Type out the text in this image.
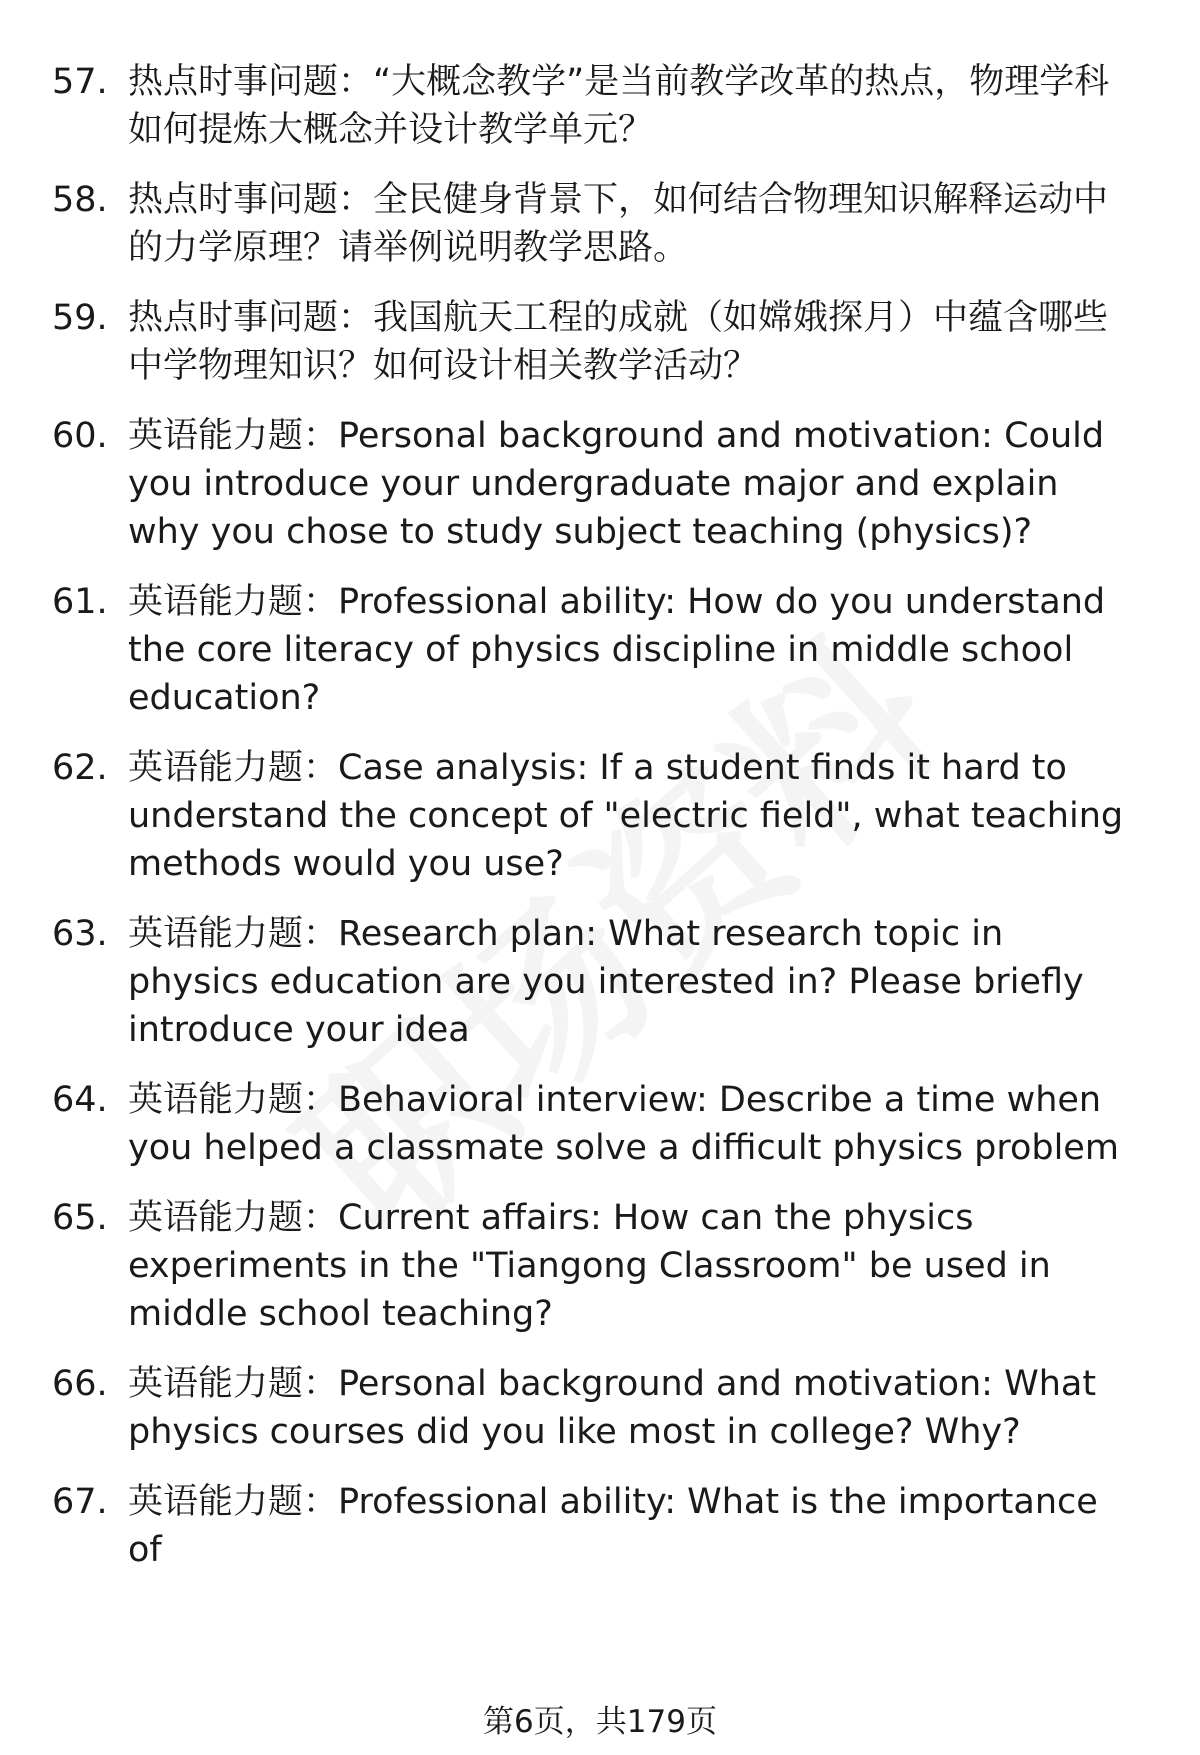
57. 热点时事问题：“大概念教学”是当前教学改革的热点，物理学科如何提炼大概念并设计教学单元？
58. 热点时事问题：全民健身背景下，如何结合物理知识解释运动中的力学原理？请举例说明教学思路。
59. 热点时事问题：我国航天工程的成就（如嫦娥探月）中蕴含哪些中学物理知识？如何设计相关教学活动？
60. 英语能力题：Personal background and motivation: Could you introduce your undergraduate major and explain why you chose to study subject teaching (physics)?
61. 英语能力题：Professional ability: How do you understand the core literacy of physics discipline in middle school education?
62. 英语能力题：Case analysis: If a student finds it hard to understand the concept of "electric field", what teaching methods would you use?
63. 英语能力题：Research plan: What research topic in physics education are you interested in? Please briefly introduce your idea
64. 英语能力题：Behavioral interview: Describe a time when you helped a classmate solve a difficult physics problem
65. 英语能力题：Current affairs: How can the physics experiments in the "Tiangong Classroom" be used in middle school teaching?
66. 英语能力题：Personal background and motivation: What physics courses did you like most in college? Why?
67. 英语能力题：Professional ability: What is the importance of
第6页，共179页
